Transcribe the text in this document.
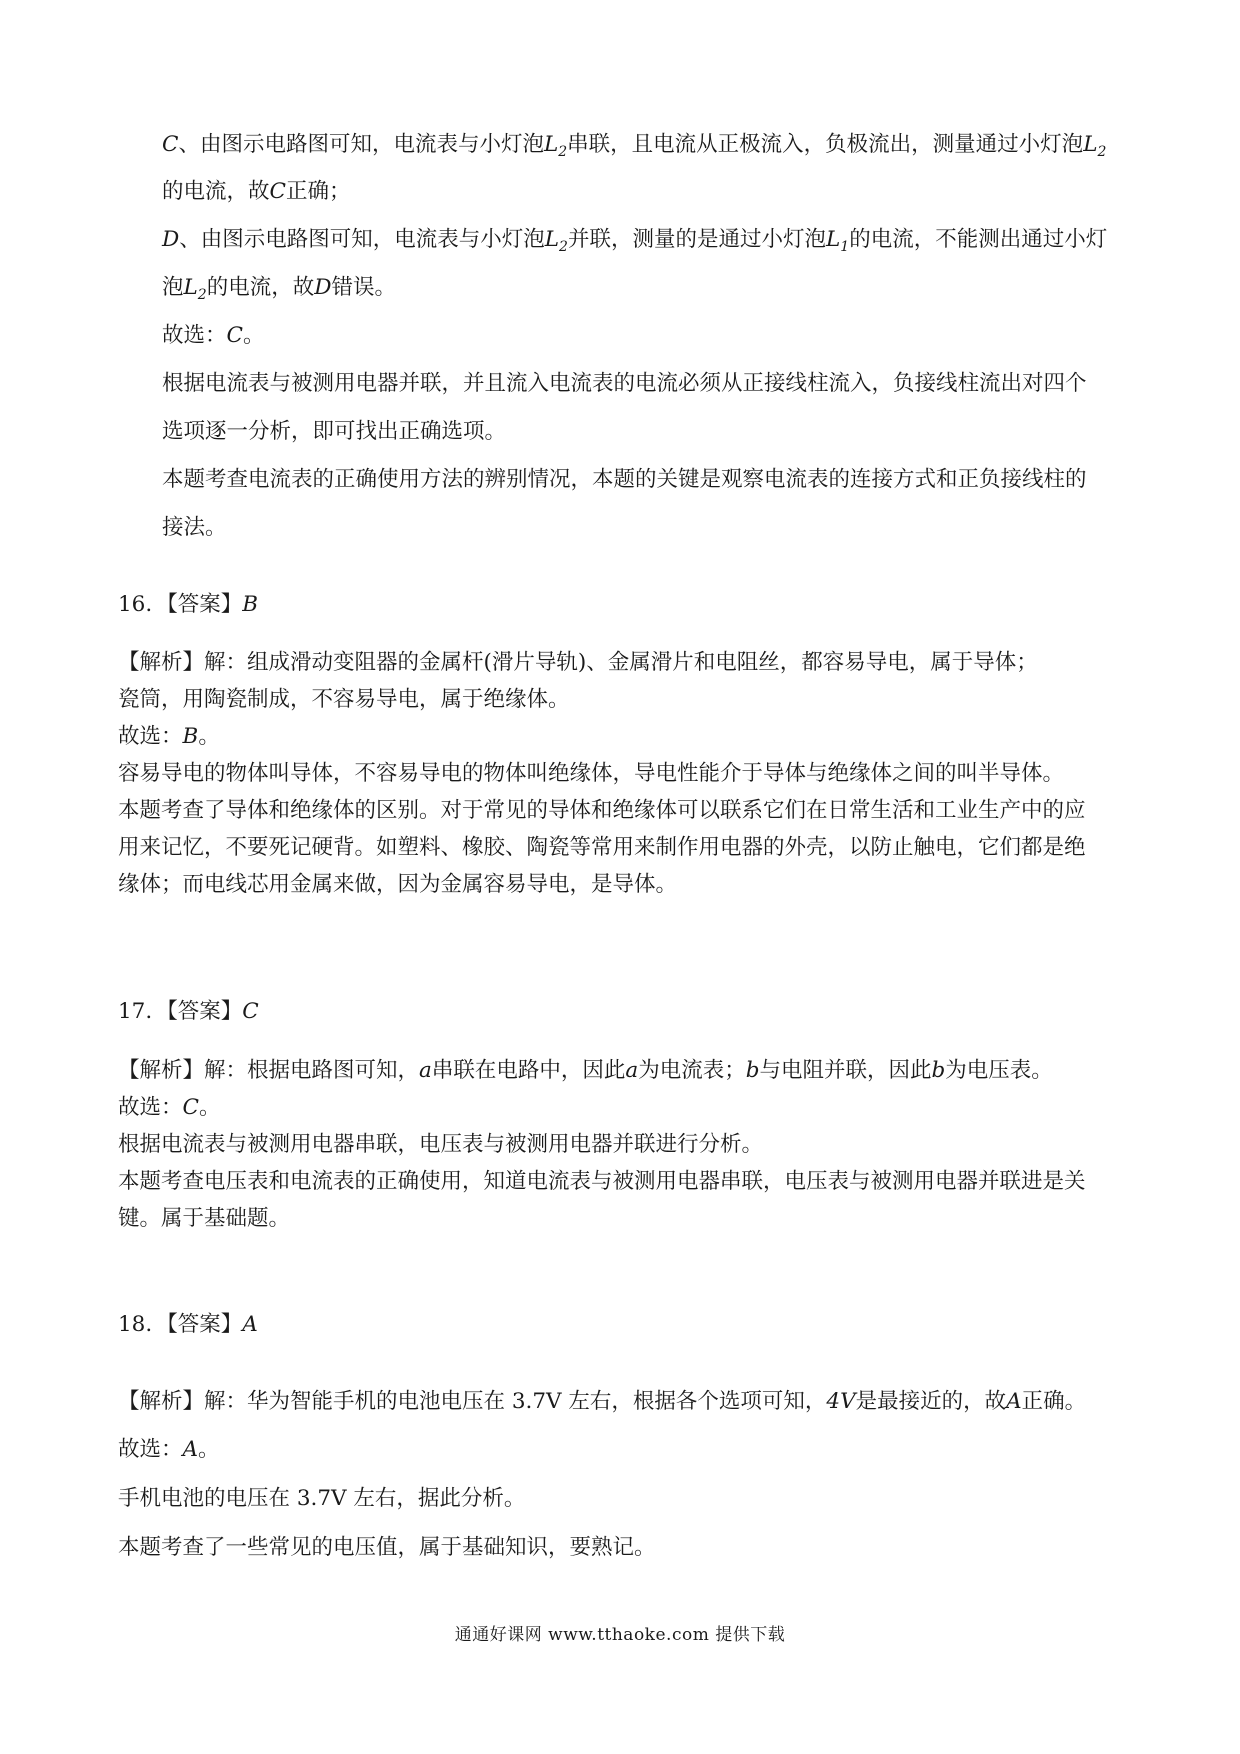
C、由图示电路图可知，电流表与小灯泡$L_2$串联，且电流从正极流入，负极流出，测量通过小灯泡$L_2$
的电流，故C正确；
D、由图示电路图可知，电流表与小灯泡$L_2$并联，测量的是通过小灯泡$L_1$的电流，不能测出通过小灯
泡$L_2$的电流，故D错误。
故选：C。
根据电流表与被测用电器并联，并且流入电流表的电流必须从正接线柱流入，负接线柱流出对四个
选项逐一分析，即可找出正确选项。
本题考查电流表的正确使用方法的辨别情况，本题的关键是观察电流表的连接方式和正负接线柱的
接法。
16. 【答案】B
【解析】解：组成滑动变阻器的金属杆(滑片导轨)、金属滑片和电阻丝，都容易导电，属于导体；
瓷筒，用陶瓷制成，不容易导电，属于绝缘体。
故选：B。
容易导电的物体叫导体，不容易导电的物体叫绝缘体，导电性能介于导体与绝缘体之间的叫半导体。
本题考查了导体和绝缘体的区别。对于常见的导体和绝缘体可以联系它们在日常生活和工业生产中的应
用来记忆，不要死记硬背。如塑料、橡胶、陶瓷等常用来制作用电器的外壳，以防止触电，它们都是绝
缘体；而电线芯用金属来做，因为金属容易导电，是导体。
17. 【答案】C
【解析】解：根据电路图可知，a串联在电路中，因此a为电流表；b与电阻并联，因此b为电压表。
故选：C。
根据电流表与被测用电器串联，电压表与被测用电器并联进行分析。
本题考查电压表和电流表的正确使用，知道电流表与被测用电器串联，电压表与被测用电器并联进是关
键。属于基础题。
18. 【答案】A
【解析】解：华为智能手机的电池电压在 3.7V 左右，根据各个选项可知，4V是最接近的，故A正确。
故选：A。
手机电池的电压在 3.7V 左右，据此分析。
本题考查了一些常见的电压值，属于基础知识，要熟记。
通通好课网 www.tthaoke.com 提供下载
